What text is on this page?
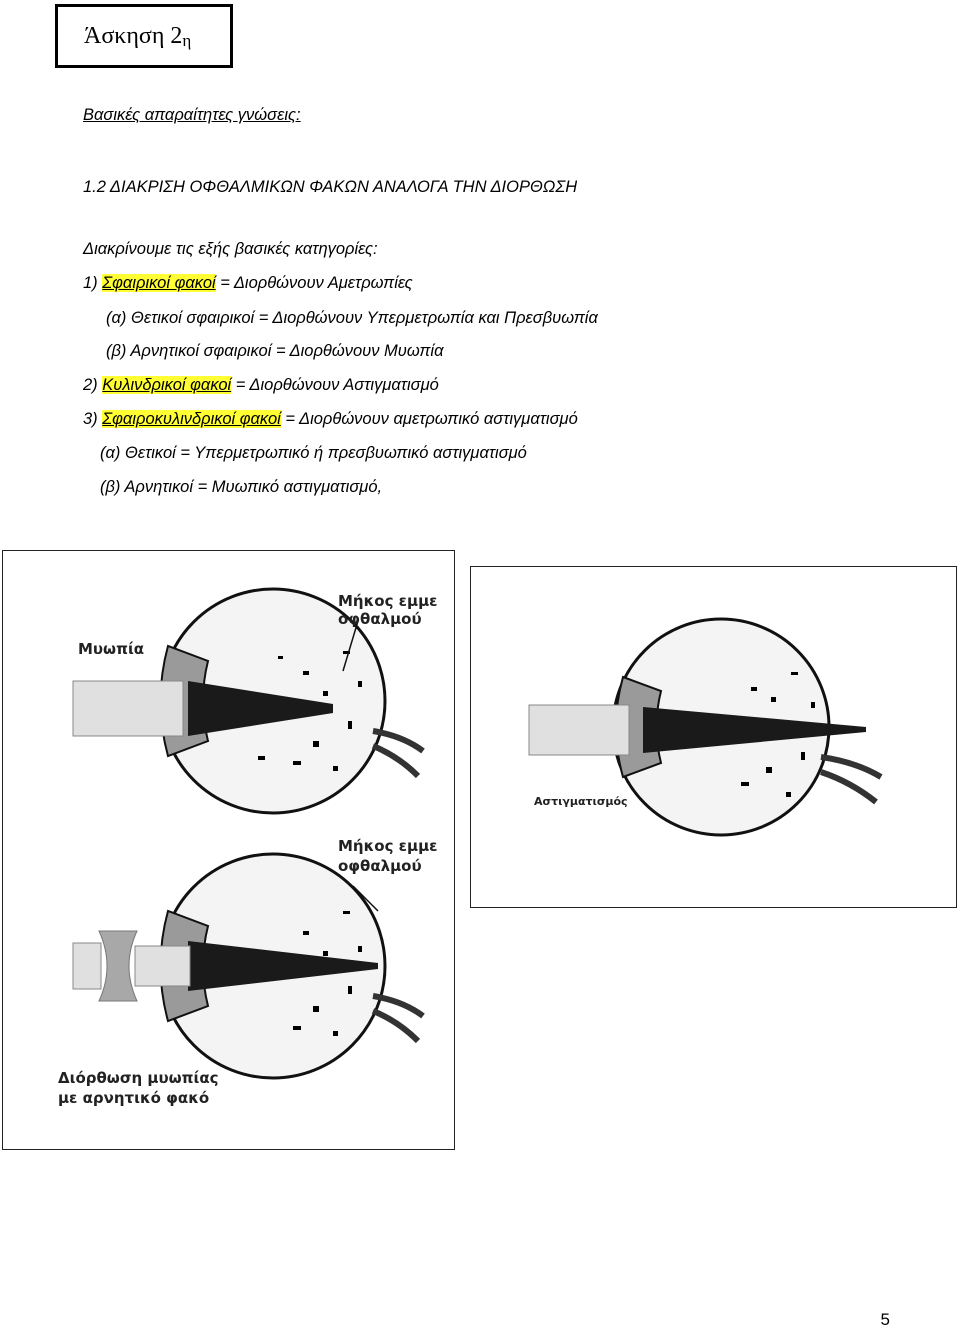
Άσκηση 2η
Βασικές απαραίτητες γνώσεις:
1.2 ΔΙΑΚΡΙΣΗ ΟΦΘΑΛΜΙΚΩΝ ΦΑΚΩΝ ΑΝΑΛΟΓΑ ΤΗΝ ΔΙΟΡΘΩΣΗ
Διακρίνουμε τις εξής βασικές κατηγορίες:
1) Σφαιρικοί φακοί = Διορθώνουν Αμετρωπίες
(α) Θετικοί σφαιρικοί = Διορθώνουν Υπερμετρωπία και Πρεσβυωπία
(β) Αρνητικοί σφαιρικοί = Διορθώνουν Μυωπία
2) Κυλινδρικοί φακοί = Διορθώνουν Αστιγματισμό
3) Σφαιροκυλινδρικοί φακοί = Διορθώνουν αμετρωπικό αστιγματισμό
(α) Θετικοί = Υπερμετρωπικό ή πρεσβυωπικό αστιγματισμό
(β) Αρνητικοί = Μυωπικό αστιγματισμό,
Μήκος εμμε
οφθαλμού
Μυωπία
Μήκος εμμε
οφθαλμού
Διόρθωση μυωπίας
με αρνητικό φακό
Αστιγματισμός
5
